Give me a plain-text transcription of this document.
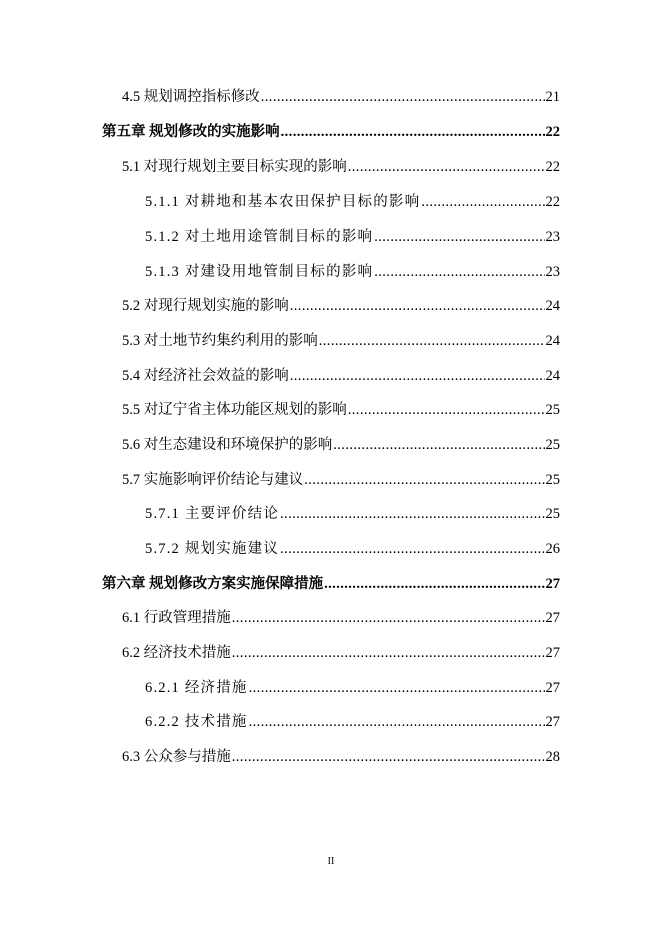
4.5 规划调控指标修改 .....	21
第五章 规划修改的实施影响 .....	22
5.1 对现行规划主要目标实现的影响 .....	22
5.1.1 对耕地和基本农田保护目标的影响 .....	22
5.1.2 对土地用途管制目标的影响 .....	23
5.1.3 对建设用地管制目标的影响 .....	23
5.2 对现行规划实施的影响 .....	24
5.3 对土地节约集约利用的影响 .....	24
5.4 对经济社会效益的影响 .....	24
5.5 对辽宁省主体功能区规划的影响 .....	25
5.6 对生态建设和环境保护的影响 .....	25
5.7 实施影响评价结论与建议 .....	25
5.7.1 主要评价结论 .....	25
5.7.2 规划实施建议 .....	26
第六章 规划修改方案实施保障措施 .....	27
6.1 行政管理措施 .....	27
6.2 经济技术措施 .....	27
6.2.1 经济措施 .....	27
6.2.2 技术措施 .....	27
6.3 公众参与措施 .....	28
II
